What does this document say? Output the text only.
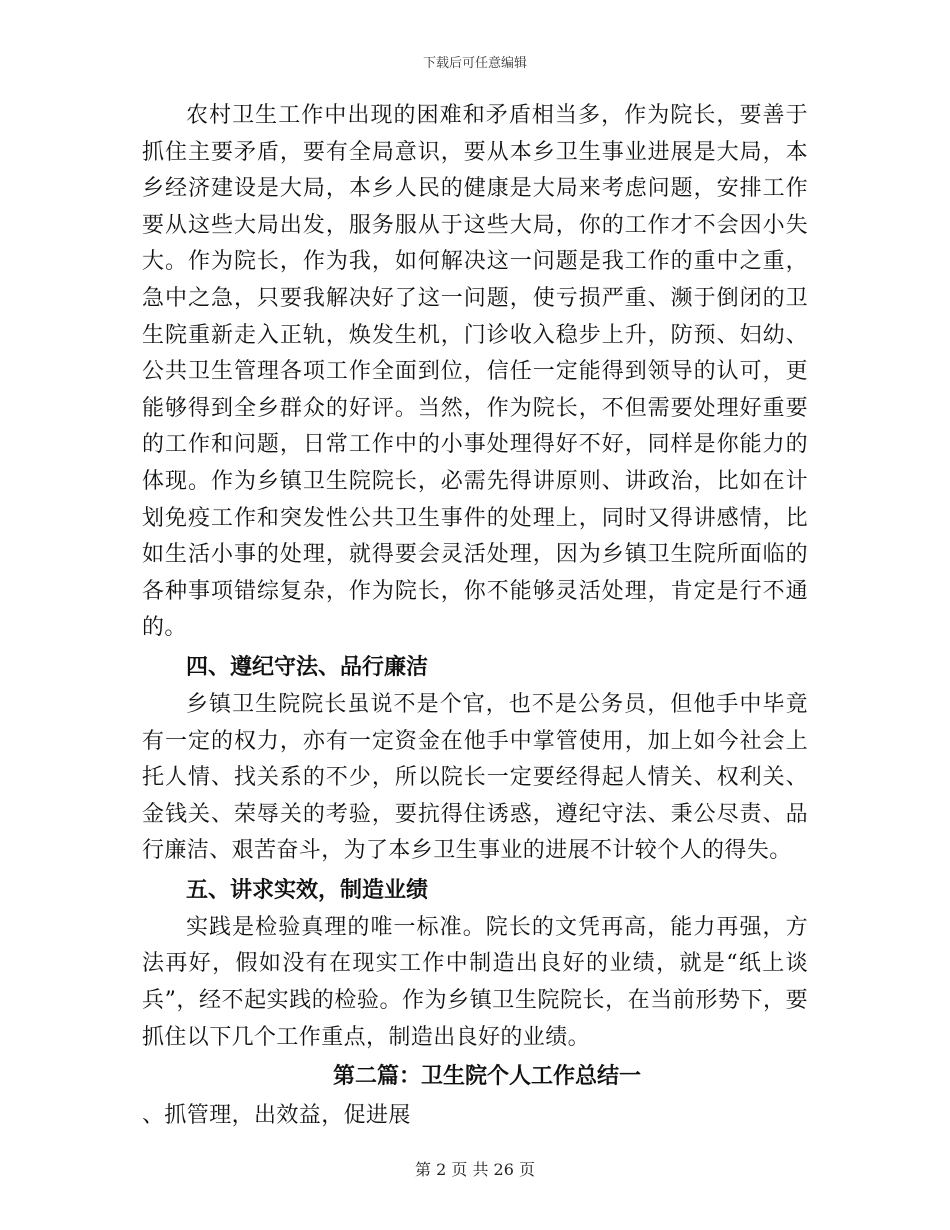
下载后可任意编辑

农村卫生工作中出现的困难和矛盾相当多，作为院长，要善于抓住主要矛盾，要有全局意识，要从本乡卫生事业进展是大局，本乡经济建设是大局，本乡人民的健康是大局来考虑问题，安排工作要从这些大局出发，服务服从于这些大局，你的工作才不会因小失大。作为院长，作为我，如何解决这一问题是我工作的重中之重，急中之急，只要我解决好了这一问题，使亏损严重、濒于倒闭的卫生院重新走入正轨，焕发生机，门诊收入稳步上升，防预、妇幼、公共卫生管理各项工作全面到位，信任一定能得到领导的认可，更能够得到全乡群众的好评。当然，作为院长，不但需要处理好重要的工作和问题，日常工作中的小事处理得好不好，同样是你能力的体现。作为乡镇卫生院院长，必需先得讲原则、讲政治，比如在计划免疫工作和突发性公共卫生事件的处理上，同时又得讲感情，比如生活小事的处理，就得要会灵活处理，因为乡镇卫生院所面临的各种事项错综复杂，作为院长，你不能够灵活处理，肯定是行不通的。

四、遵纪守法、品行廉洁

乡镇卫生院院长虽说不是个官，也不是公务员，但他手中毕竟有一定的权力，亦有一定资金在他手中掌管使用，加上如今社会上托人情、找关系的不少，所以院长一定要经得起人情关、权利关、金钱关、荣辱关的考验，要抗得住诱惑，遵纪守法、秉公尽责、品行廉洁、艰苦奋斗，为了本乡卫生事业的进展不计较个人的得失。

五、讲求实效，制造业绩

实践是检验真理的唯一标准。院长的文凭再高，能力再强，方法再好，假如没有在现实工作中制造出良好的业绩，就是“纸上谈兵”，经不起实践的检验。作为乡镇卫生院院长，在当前形势下，要抓住以下几个工作重点，制造出良好的业绩。

第二篇：卫生院个人工作总结一

、抓管理，出效益，促进展

第 2 页 共 26 页
